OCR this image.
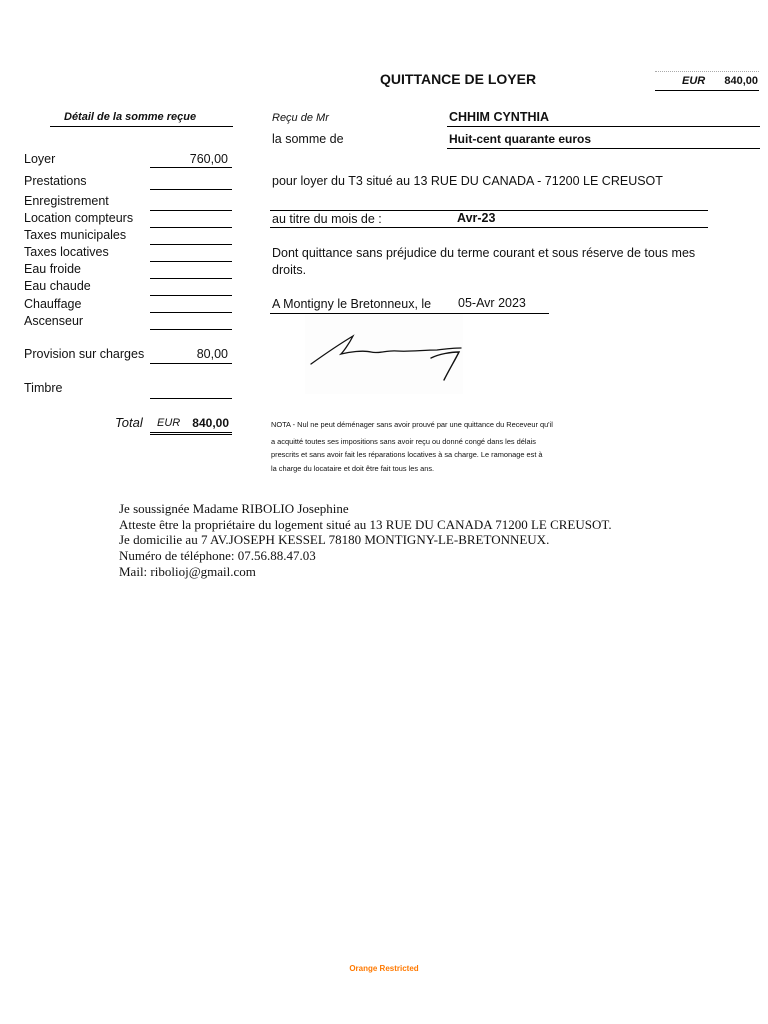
QUITTANCE DE LOYER	EUR	840,00
Détail de la somme reçue
Loyer	760,00
Prestations
Enregistrement
Location compteurs
Taxes municipales
Taxes locatives
Eau froide
Eau chaude
Chauffage
Ascenseur
Provision sur charges	80,00
Timbre
Total EUR	840,00
Reçu de Mr	CHHIM CYNTHIA
la somme de	Huit-cent quarante euros
pour loyer du T3 situé au 13 RUE DU CANADA - 71200 LE CREUSOT
au titre du mois de :	Avr-23
Dont quittance sans préjudice du terme courant et sous réserve de tous mes
droits.
A Montigny le Bretonneux, le 05-Avr 2023
NOTA - Nul ne peut déménager sans avoir prouvé par une quittance du Receveur qu'il
a acquitté toutes ses impositions sans avoir reçu ou donné congé dans les délais
prescrits et sans avoir fait les réparations locatives à sa charge. Le ramonage est à
la charge du locataire et doit être fait tous les ans.
Je soussignée Madame RIBOLIO Josephine
Atteste être la propriétaire du logement situé au 13 RUE DU CANADA 71200 LE CREUSOT.
Je domicilie au 7 AV.JOSEPH KESSEL 78180 MONTIGNY-LE-BRETONNEUX.
Numéro de téléphone: 07.56.88.47.03
Mail: ribolioj@gmail.com
Orange Restricted
